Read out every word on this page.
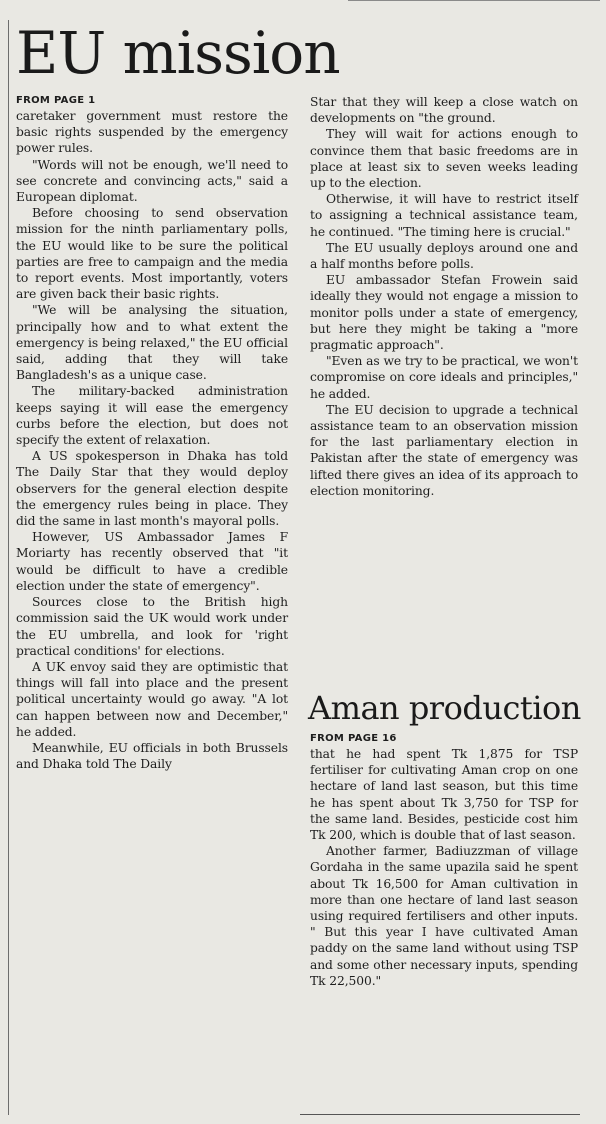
EU mission
FROM PAGE 1

caretaker government must restore the basic rights suspended by the emergency power rules.

"Words will not be enough, we'll need to see concrete and convincing acts," said a European diplomat.

Before choosing to send observation mission for the ninth parliamentary polls, the EU would like to be sure the political parties are free to campaign and the media to report events. Most importantly, voters are given back their basic rights.

"We will be analysing the situation, principally how and to what extent the emergency is being relaxed," the EU official said, adding that they will take Bangladesh's as a unique case.

The military-backed administration keeps saying it will ease the emergency curbs before the election, but does not specify the extent of relaxation.

A US spokesperson in Dhaka has told The Daily Star that they would deploy observers for the general election despite the emergency rules being in place. They did the same in last month's mayoral polls.

However, US Ambassador James F Moriarty has recently observed that "it would be difficult to have a credible election under the state of emergency".

Sources close to the British high commission said the UK would work under the EU umbrella, and look for 'right practical conditions' for elections.

A UK envoy said they are optimistic that things will fall into place and the present political uncertainty would go away. "A lot can happen between now and December," he added.

Meanwhile, EU officials in both Brussels and Dhaka told The Daily

Star that they will keep a close watch on developments on "the ground.

They will wait for actions enough to convince them that basic freedoms are in place at least six to seven weeks leading up to the election.

Otherwise, it will have to restrict itself to assigning a technical assistance team, he continued. "The timing here is crucial."

The EU usually deploys around one and a half months before polls.

EU ambassador Stefan Frowein said ideally they would not engage a mission to monitor polls under a state of emergency, but here they might be taking a "more pragmatic approach".

"Even as we try to be practical, we won't compromise on core ideals and principles," he added.

The EU decision to upgrade a technical assistance team to an observation mission for the last parliamentary election in Pakistan after the state of emergency was lifted there gives an idea of its approach to election monitoring.

Aman production
FROM PAGE 16

that he had spent Tk 1,875 for TSP fertiliser for cultivating Aman crop on one hectare of land last season, but this time he has spent about Tk 3,750 for TSP for the same land. Besides, pesticide cost him Tk 200, which is double that of last season.

Another farmer, Badiuzzman of village Gordaha in the same upazila said he spent about Tk 16,500 for Aman cultivation in more than one hectare of land last season using required fertilisers and other inputs. " But this year I have cultivated Aman paddy on the same land without using TSP and some other necessary inputs, spending Tk 22,500."
